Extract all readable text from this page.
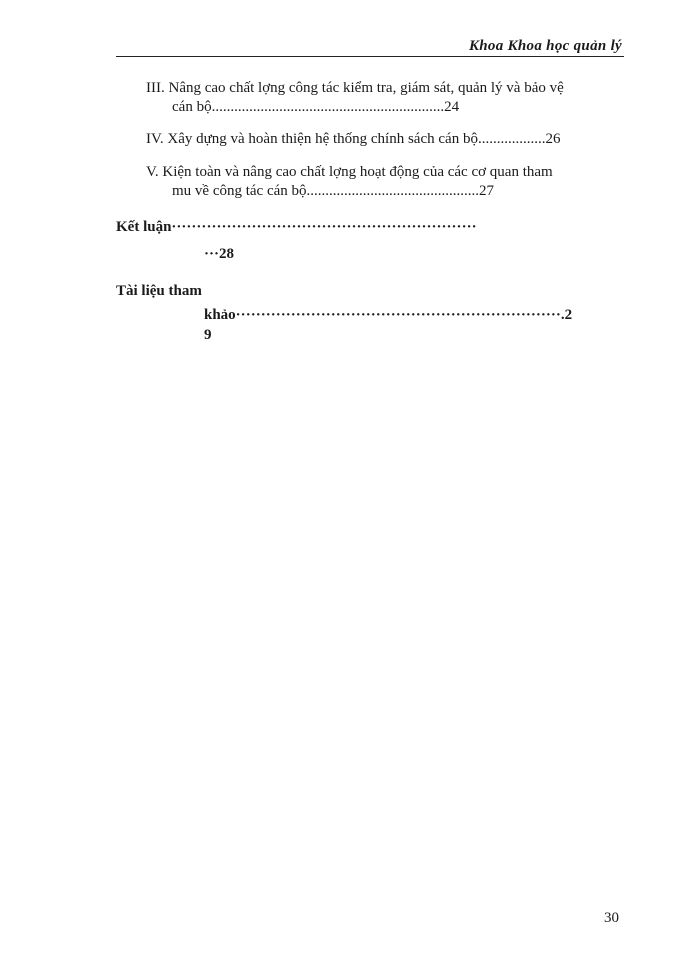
Khoa Khoa học quản lý
III. Nâng cao chất lợng công tác kiểm tra, giám sát, quản lý và bảo vệ
cán bộ..............................................................24
IV. Xây dựng và hoàn thiện hệ thống chính sách cán bộ..................26
V. Kiện toàn và nâng cao chất lợng hoạt động của các cơ quan tham
mu về công tác cán bộ..............................................27
Kết luận·····························································
···28
Tài liệu tham
khảo·································································.2
9
30
